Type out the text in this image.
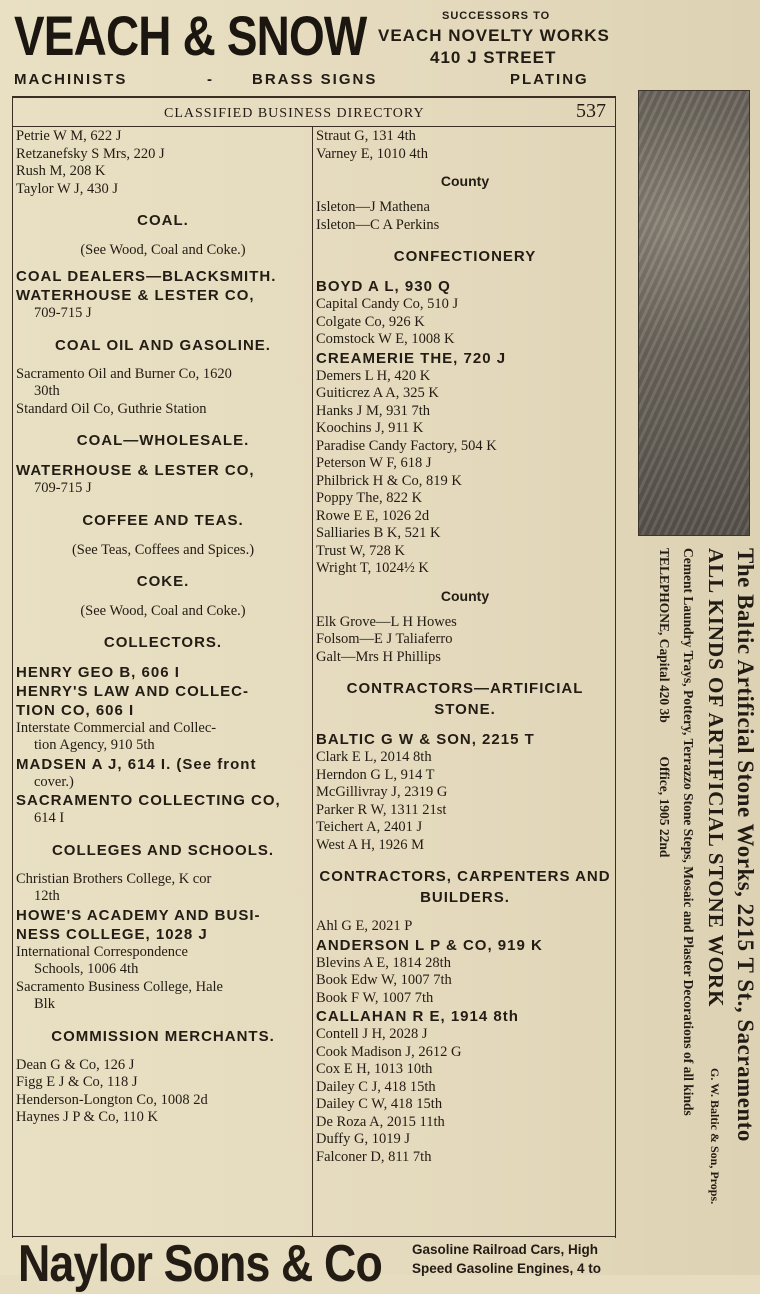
VEACH & SNOW	SUCCESSORS TO
VEACH NOVELTY WORKS
410 J STREET
MACHINISTS	-	BRASS SIGNS	PLATING
CLASSIFIED BUSINESS DIRECTORY	537
Petrie W M, 622 J
Retzanefsky S Mrs, 220 J
Rush M, 208 K
Taylor W J, 430 J
COAL.
(See Wood, Coal and Coke.)
COAL DEALERS—BLACKSMITH.
WATERHOUSE & LESTER CO,
709-715 J
COAL OIL AND GASOLINE.
Sacramento Oil and Burner Co, 1620
30th
Standard Oil Co, Guthrie Station
COAL—WHOLESALE.
WATERHOUSE & LESTER CO,
709-715 J
COFFEE AND TEAS.
(See Teas, Coffees and Spices.)
COKE.
(See Wood, Coal and Coke.)
COLLECTORS.
HENRY GEO B, 606 I
HENRY'S LAW AND COLLEC-
TION CO, 606 I
Interstate Commercial and Collec-
tion Agency, 910 5th
MADSEN A J, 614 I. (See front
cover.)
SACRAMENTO COLLECTING CO,
614 I
COLLEGES AND SCHOOLS.
Christian Brothers College, K cor
12th
HOWE'S ACADEMY AND BUSI-
NESS COLLEGE, 1028 J
International Correspondence
Schools, 1006 4th
Sacramento Business College, Hale
Blk
COMMISSION MERCHANTS.
Dean G & Co, 126 J
Figg E J & Co, 118 J
Henderson-Longton Co, 1008 2d
Haynes J P & Co, 110 K
Straut G, 131 4th
Varney E, 1010 4th
County
Isleton—J Mathena
Isleton—C A Perkins
CONFECTIONERY
BOYD A L, 930 Q
Capital Candy Co, 510 J
Colgate Co, 926 K
Comstock W E, 1008 K
CREAMERIE THE, 720 J
Demers L H, 420 K
Guiticrez A A, 325 K
Hanks J M, 931 7th
Koochins J, 911 K
Paradise Candy Factory, 504 K
Peterson W F, 618 J
Philbrick H & Co, 819 K
Poppy The, 822 K
Rowe E E, 1026 2d
Salliaries B K, 521 K
Trust W, 728 K
Wright T, 1024½ K
County
Elk Grove—L H Howes
Folsom—E J Taliaferro
Galt—Mrs H Phillips
CONTRACTORS—ARTIFICIAL STONE.
BALTIC G W & SON, 2215 T
Clark E L, 2014 8th
Herndon G L, 914 T
McGillivray J, 2319 G
Parker R W, 1311 21st
Teichert A, 2401 J
West A H, 1926 M
CONTRACTORS, CARPENTERS AND BUILDERS.
Ahl G E, 2021 P
ANDERSON L P & CO, 919 K
Blevins A E, 1814 28th
Book Edw W, 1007 7th
Book F W, 1007 7th
CALLAHAN R E, 1914 8th
Contell J H, 2028 J
Cook Madison J, 2612 G
Cox E H, 1013 10th
Dailey C J, 418 15th
Dailey C W, 418 15th
De Roza A, 2015 11th
Duffy G, 1019 J
Falconer D, 811 7th
The Baltic Artificial Stone Works, 2215 T St., Sacramento
ALL KINDS OF ARTIFICIAL STONE WORK
G. W. Baltic & Son, Props.
Cement Laundry Trays, Pottery, Terrazzo Stone Steps, Mosaic and Plaster Decorations of all kinds
TELEPHONE, Capital 420 3b          Office, 1905 22nd
Naylor Sons & Co Gasoline Railroad Cars, High
Speed Gasoline Engines, 4 to
